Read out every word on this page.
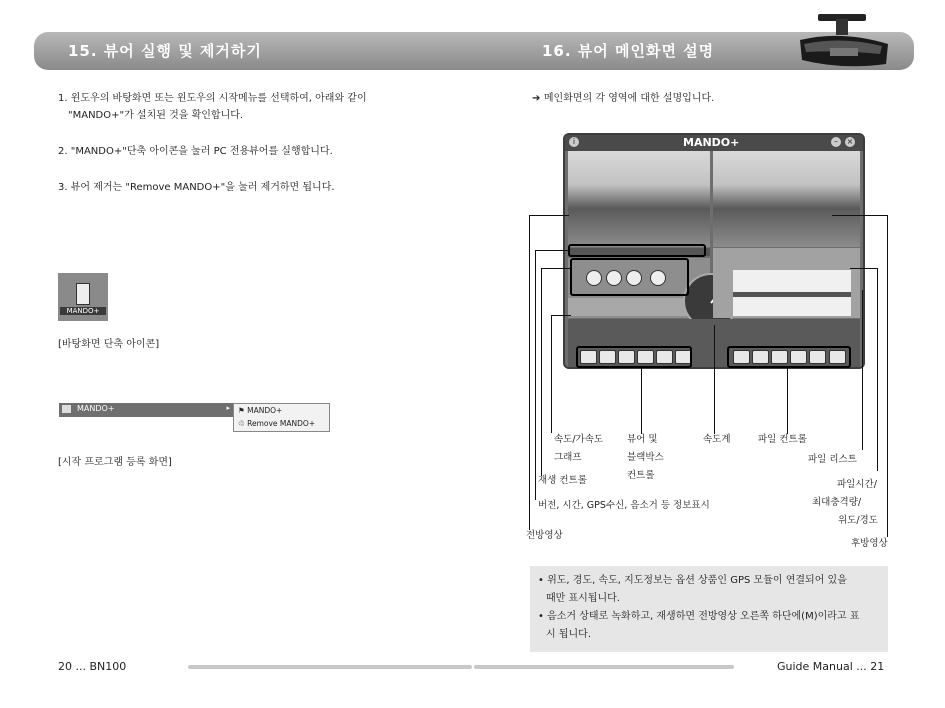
15. 뷰어 실행 및 제거하기	16. 뷰어 메인화면 설명
1. 윈도우의 바탕화면 또는 윈도우의 시작메뉴를 선택하여, 아래와 같이
"MANDO+"가 설치된 것을 확인합니다.
2. "MANDO+"단축 아이콘을 눌러 PC 전용뷰어를 실행합니다.
3. 뷰어 제거는 "Remove MANDO+"을 눌러 제거하면 됩니다.
MANDO+
[바탕화면 단축 아이콘]
MANDO+	▸ ⚑ MANDO+
♲ Remove MANDO+
[시작 프로그램 등록 화면]
➔ 메인화면의 각 영역에 대한 설명입니다.
i	MANDO+	–	×
속도/가속도
그래프
뷰어 및
블랙박스
컨트롤
속도계	파일 컨트롤
파일 리스트
재생 컨트롤	파일시간/
최대충격량/
위도/경도
버전, 시간, GPS수신, 음소거 등 정보표시
전방영상
후방영상
• 위도, 경도, 속도, 지도정보는 옵션 상품인 GPS 모듈이 연결되어 있을
때만 표시됩니다.
• 음소거 상태로 녹화하고, 재생하면 전방영상 오른쪽 하단에(M)이라고 표
시 됩니다.
20 ... BN100	Guide Manual ... 21
